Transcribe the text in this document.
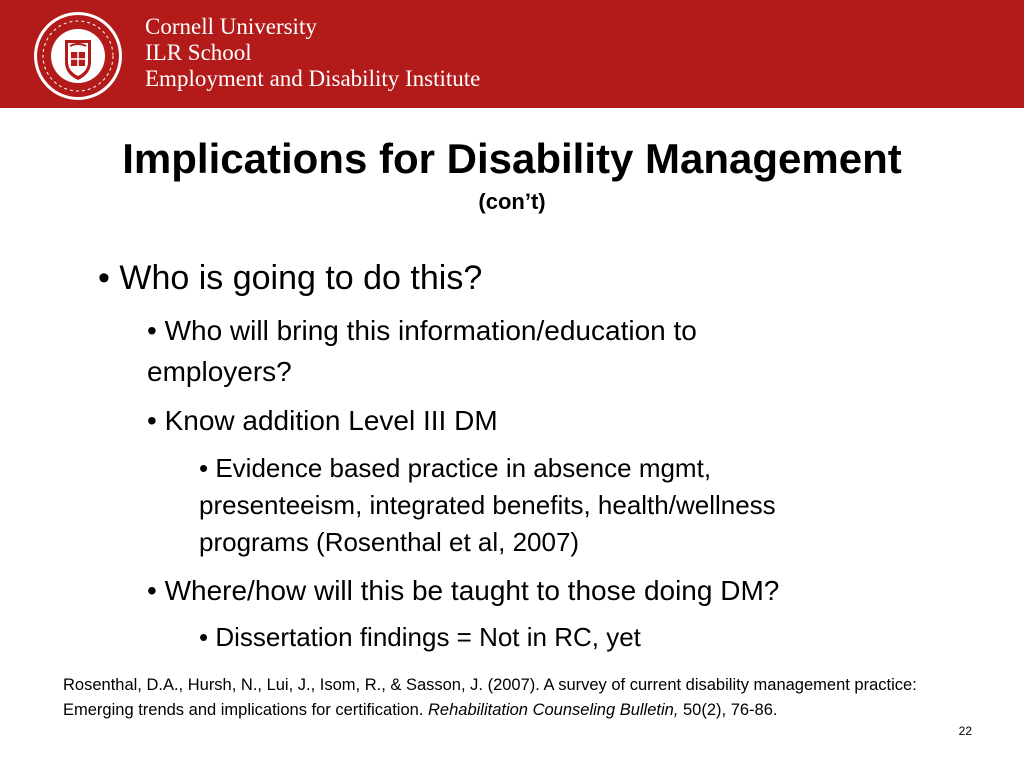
Cornell University
ILR School
Employment and Disability Institute
Implications for Disability Management
(con’t)
• Who is going to do this?
• Who will bring this information/education to
employers?
• Know addition Level III DM
• Evidence based practice in absence mgmt,
presenteeism, integrated benefits, health/wellness
programs (Rosenthal et al, 2007)
• Where/how will this be taught to those doing DM?
• Dissertation findings = Not in RC, yet
Rosenthal, D.A., Hursh, N., Lui, J., Isom, R., & Sasson, J. (2007). A survey of current disability management practice: Emerging trends and implications for certification. Rehabilitation Counseling Bulletin, 50(2), 76-86.
22
